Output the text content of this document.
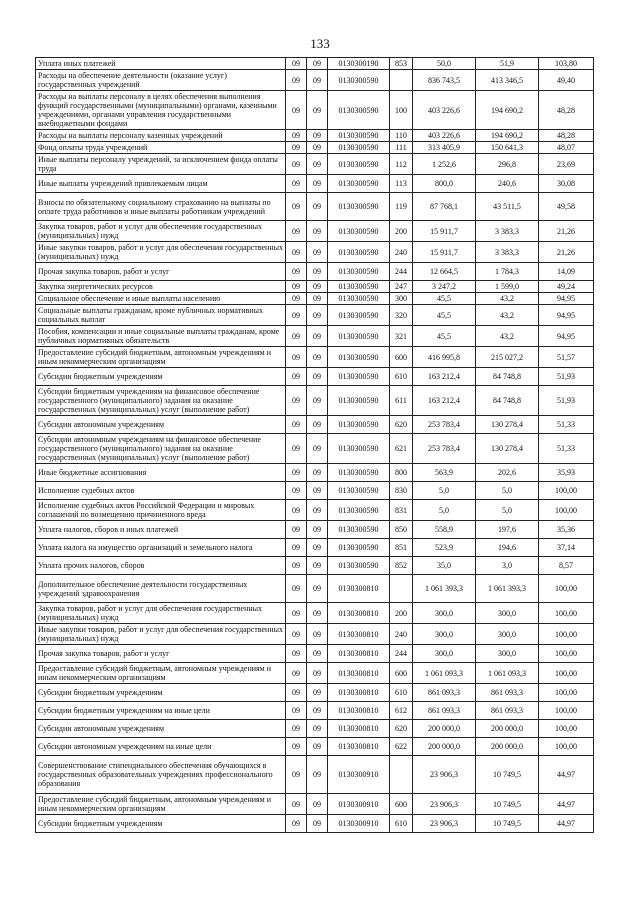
133
Уплата иных платежей	09	09	0130300190	853	50,0	51,9	103,80
Расходы на обеспечение деятельности (оказание услуг) государственных учреждений	09	09	0130300590		836 743,5	413 346,5	49,40
Расходы на выплаты персоналу в целях обеспечения выполнения функций государственными (муниципальными) органами, казенными учреждениями, органами управления государственными внебюджетными фондами	09	09	0130300590	100	403 226,6	194 690,2	48,28
Расходы на выплаты персоналу казенных учреждений	09	09	0130300590	110	403 226,6	194 690,2	48,28
Фонд оплаты труда учреждений	09	09	0130300590	111	313 405,9	150 641,3	48,07
Иные выплаты персоналу учреждений, за исключением фонда оплаты труда	09	09	0130300590	112	1 252,6	296,8	23,69
Иные выплаты учреждений привлекаемым лицам	09	09	0130300590	113	800,0	240,6	30,08
Взносы по обязательному социальному страхованию на выплаты по оплате труда работников и иные выплаты работникам учреждений	09	09	0130300590	119	87 768,1	43 511,5	49,58
Закупка товаров, работ и услуг для обеспечения государственных (муниципальных) нужд	09	09	0130300590	200	15 911,7	3 383,3	21,26
Иные закупки товаров, работ и услуг для обеспечения государственных (муниципальных) нужд	09	09	0130300590	240	15 911,7	3 383,3	21,26
Прочая закупка товаров, работ и услуг	09	09	0130300590	244	12 664,5	1 784,3	14,09
Закупка энергетических ресурсов	09	09	0130300590	247	3 247,2	1 599,0	49,24
Социальное обеспечение и иные выплаты населению	09	09	0130300590	300	45,5	43,2	94,95
Социальные выплаты гражданам, кроме публичных нормативных социальных выплат	09	09	0130300590	320	45,5	43,2	94,95
Пособия, компенсации и иные социальные выплаты гражданам, кроме публичных нормативных обязательств	09	09	0130300590	321	45,5	43,2	94,95
Предоставление субсидий бюджетным, автономным учреждениям и иным некоммерческим организациям	09	09	0130300590	600	416 995,8	215 027,2	51,57
Субсидии бюджетным учреждениям	09	09	0130300590	610	163 212,4	84 748,8	51,93
Субсидии бюджетным учреждениям на финансовое обеспечение государственного (муниципального) задания на оказание государственных (муниципальных) услуг (выполнение работ)	09	09	0130300590	611	163 212,4	84 748,8	51,93
Субсидии автономным учреждениям	09	09	0130300590	620	253 783,4	130 278,4	51,33
Субсидии автономным учреждениям на финансовое обеспечение государственного (муниципального) задания на оказание государственных (муниципальных) услуг (выполнение работ)	09	09	0130300590	621	253 783,4	130 278,4	51,33
Иные бюджетные ассигнования	09	09	0130300590	800	563,9	202,6	35,93
Исполнение судебных актов	09	09	0130300590	830	5,0	5,0	100,00
Исполнение судебных актов Российской Федерации и мировых соглашений по возмещению причиненного вреда	09	09	0130300590	831	5,0	5,0	100,00
Уплата налогов, сборов и иных платежей	09	09	0130300590	850	558,9	197,6	35,36
Уплата налога на имущество организаций и земельного налога	09	09	0130300590	851	523,9	194,6	37,14
Уплата прочих налогов, сборов	09	09	0130300590	852	35,0	3,0	8,57
Дополнительное обеспечение деятельности государственных учреждений здравоохранения	09	09	0130300810		1 061 393,3	1 061 393,3	100,00
Закупка товаров, работ и услуг для обеспечения государственных (муниципальных) нужд	09	09	0130300810	200	300,0	300,0	100,00
Иные закупки товаров, работ и услуг для обеспечения государственных (муниципальных) нужд	09	09	0130300810	240	300,0	300,0	100,00
Прочая закупка товаров, работ и услуг	09	09	0130300810	244	300,0	300,0	100,00
Предоставление субсидий бюджетным, автономным учреждениям и иным некоммерческим организациям	09	09	0130300810	600	1 061 093,3	1 061 093,3	100,00
Субсидии бюджетным учреждениям	09	09	0130300810	610	861 093,3	861 093,3	100,00
Субсидии бюджетным учреждениям на иные цели	09	09	0130300810	612	861 093,3	861 093,3	100,00
Субсидии автономным учреждениям	09	09	0130300810	620	200 000,0	200 000,0	100,00
Субсидии автономным учреждениям на иные цели	09	09	0130300810	622	200 000,0	200 000,0	100,00
Совершенствование стипендиального обеспечения обучающихся в государственных образовательных учреждениях профессионального образования	09	09	0130300910		23 906,3	10 749,5	44,97
Предоставление субсидий бюджетным, автономным учреждениям и иным некоммерческим организациям	09	09	0130300910	600	23 906,3	10 749,5	44,97
Субсидии бюджетным учреждениям	09	09	0130300910	610	23 906,3	10 749,5	44,97
